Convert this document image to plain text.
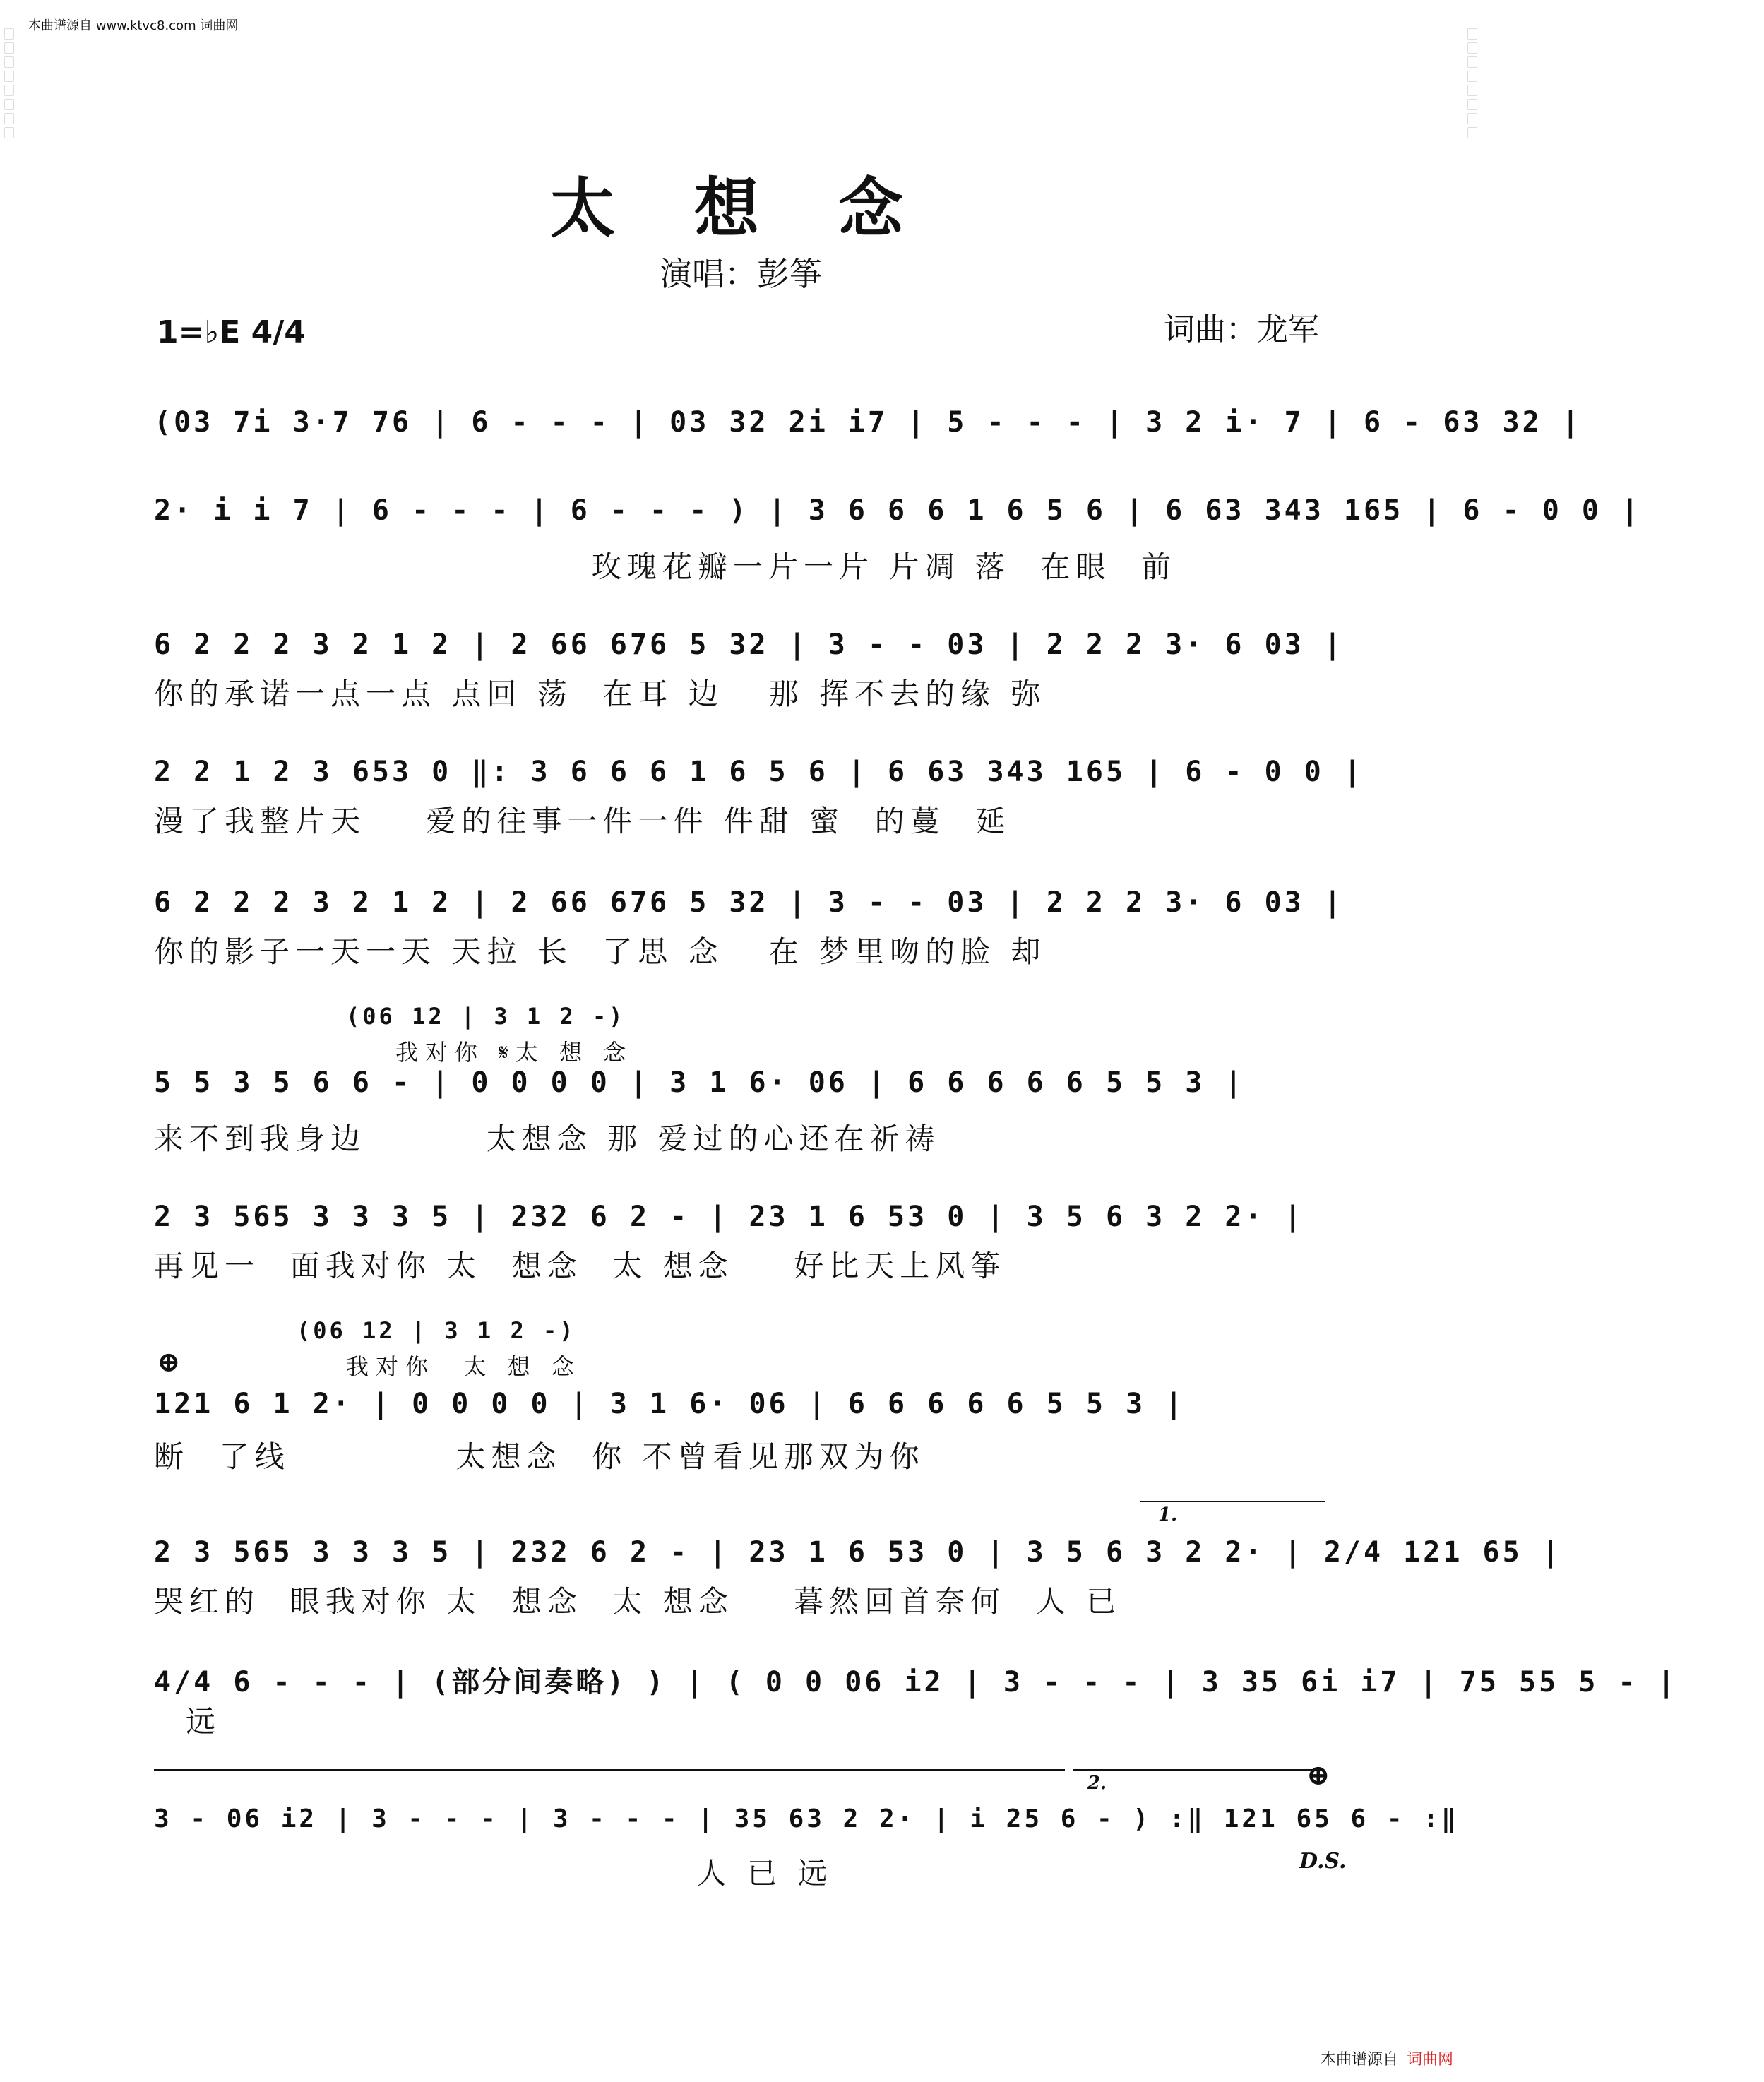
本曲谱源自 www.ktvc8.com 词曲网
太 想 念
演唱：彭筝
1=♭E 4/4	词曲：龙军
(03 7i 3·7 76 | 6 - - - | 03 32 2i i7 | 5 - - - | 3 2 i· 7 | 6 - 63 32 |
2· i i 7 | 6 - - - | 6 - - - ) | 3 6 6 6 1 6 5 6 | 6 63 343 165 | 6 - 0 0 |
玫瑰花瓣一片一片 片凋 落  在眼  前
6 2 2 2 3 2 1 2 | 2 66 676 5 32 | 3 - - 03 | 2 2 2 3· 6 03 |
你的承诺一点一点 点回 荡  在耳 边   那 挥不去的缘 弥
2 2 1 2 3 653 0 ‖: 3 6 6 6 1 6 5 6 | 6 63 343 165 | 6 - 0 0 |
漫了我整片天    爱的往事一件一件 件甜 蜜  的蔓  延
6 2 2 2 3 2 1 2 | 2 66 676 5 32 | 3 - - 03 | 2 2 2 3· 6 03 |
你的影子一天一天 天拉 长  了思 念   在 梦里吻的脸 却
(06 12 | 3 1 2 -)
我对你 𝄋太 想 念
5 5 3 5 6 6 - | 0 0 0 0 | 3 1 6· 06 | 6 6 6 6 6 5 5 3 |
来不到我身边        太想念 那 爱过的心还在祈祷
2 3 565 3 3 3 5 | 232 6 2 - | 23 1 6 53 0 | 3 5 6 3 2 2· |
再见一  面我对你 太  想念  太 想念    好比天上风筝
(06 12 | 3 1 2 -)
我对你  太 想 念
⊕
121 6 1 2· | 0 0 0 0 | 3 1 6· 06 | 6 6 6 6 6 5 5 3 |
断  了线           太想念  你 不曾看见那双为你
1.
2 3 565 3 3 3 5 | 232 6 2 - | 23 1 6 53 0 | 3 5 6 3 2 2· | 2/4 121 65 |
哭红的  眼我对你 太  想念  太 想念    暮然回首奈何  人 已
4/4 6 - - - | (部分间奏略) ) | ( 0 0 06 i2 | 3 - - - | 3 35 6i i7 | 75 55 5 - |
远
2.	⊕
3 - 06 i2 | 3 - - - | 3 - - - | 35 63 2 2· | i 25 6 - ) :‖ 121 65 6 - :‖
人 已 远	D.S.
本曲谱源自 词曲网
